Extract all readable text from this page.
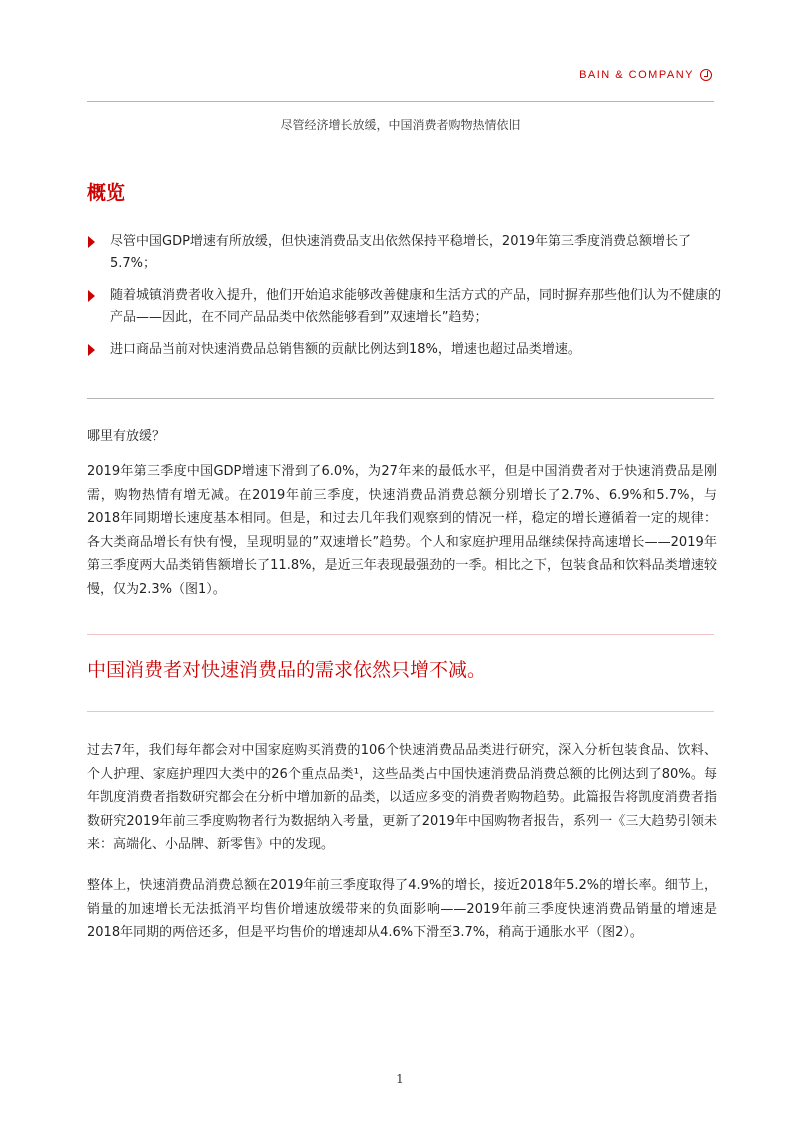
BAIN & COMPANY
尽管经济增长放缓，中国消费者购物热情依旧
概览
尽管中国GDP增速有所放缓，但快速消费品支出依然保持平稳增长，2019年第三季度消费总额增长了5.7%；
随着城镇消费者收入提升，他们开始追求能够改善健康和生活方式的产品，同时摒弃那些他们认为不健康的产品——因此，在不同产品品类中依然能够看到”双速增长”趋势；
进口商品当前对快速消费品总销售额的贡献比例达到18%，增速也超过品类增速。
哪里有放缓？

2019年第三季度中国GDP增速下滑到了6.0%，为27年来的最低水平，但是中国消费者对于快速消费品是刚需，购物热情有增无减。在2019年前三季度，快速消费品消费总额分别增长了2.7%、6.9%和5.7%，与2018年同期增长速度基本相同。但是，和过去几年我们观察到的情况一样，稳定的增长遵循着一定的规律：各大类商品增长有快有慢，呈现明显的”双速增长”趋势。个人和家庭护理用品继续保持高速增长——2019年第三季度两大品类销售额增长了11.8%，是近三年表现最强劲的一季。相比之下，包装食品和饮料品类增速较慢，仅为2.3%（图1）。

中国消费者对快速消费品的需求依然只增不减。

过去7年，我们每年都会对中国家庭购买消费的106个快速消费品品类进行研究，深入分析包装食品、饮料、个人护理、家庭护理四大类中的26个重点品类¹，这些品类占中国快速消费品消费总额的比例达到了80%。每年凯度消费者指数研究都会在分析中增加新的品类，以适应多变的消费者购物趋势。此篇报告将凯度消费者指数研究2019年前三季度购物者行为数据纳入考量，更新了2019年中国购物者报告，系列一《三大趋势引领未来：高端化、小品牌、新零售》中的发现。

整体上，快速消费品消费总额在2019年前三季度取得了4.9%的增长，接近2018年5.2%的增长率。细节上，销量的加速增长无法抵消平均售价增速放缓带来的负面影响——2019年前三季度快速消费品销量的增速是2018年同期的两倍还多，但是平均售价的增速却从4.6%下滑至3.7%，稍高于通胀水平（图2）。

1
